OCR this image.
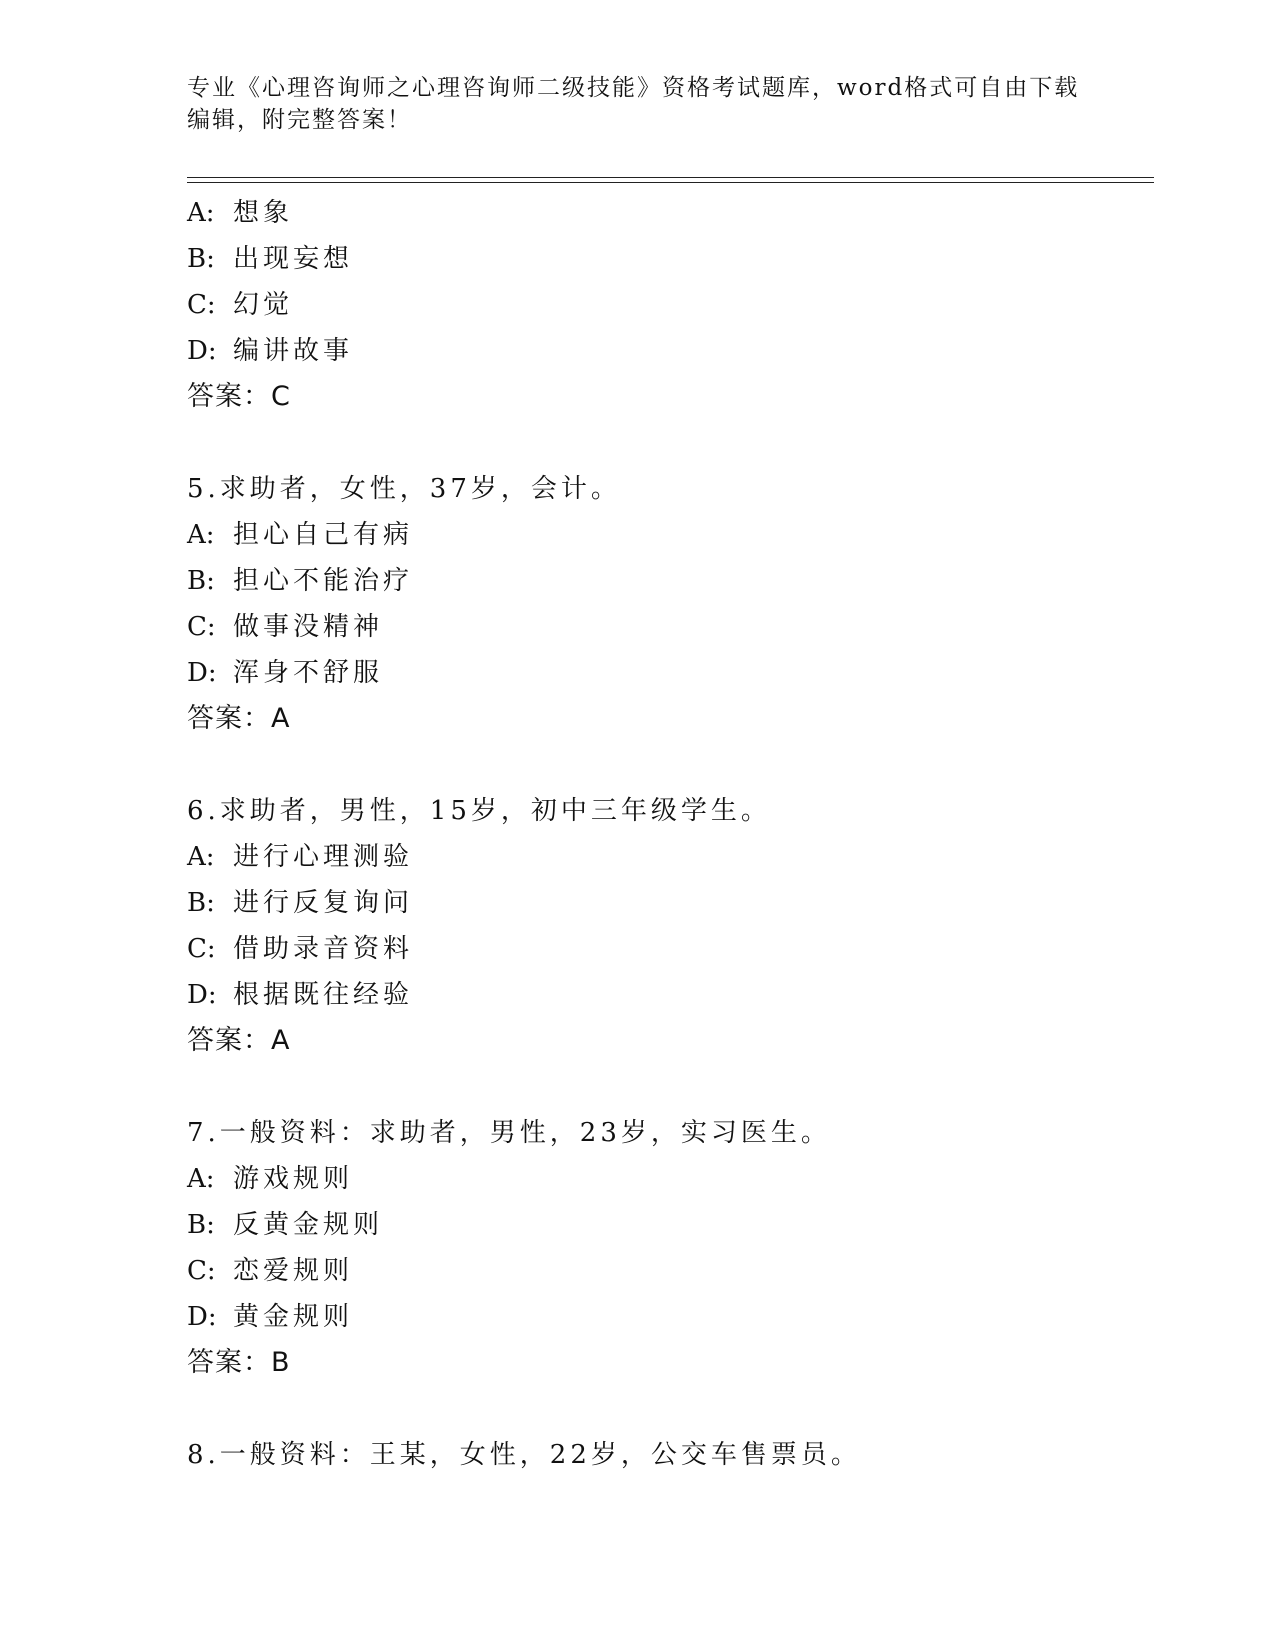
专业《心理咨询师之心理咨询师二级技能》资格考试题库，word格式可自由下载
编辑，附完整答案！
A: 想象
B: 出现妄想
C: 幻觉
D: 编讲故事
答案：C
5.求助者，女性，37岁，会计。
A: 担心自己有病
B: 担心不能治疗
C: 做事没精神
D: 浑身不舒服
答案：A
6.求助者，男性，15岁，初中三年级学生。
A: 进行心理测验
B: 进行反复询问
C: 借助录音资料
D: 根据既往经验
答案：A
7.一般资料：求助者，男性，23岁，实习医生。
A: 游戏规则
B: 反黄金规则
C: 恋爱规则
D: 黄金规则
答案：B
8.一般资料：王某，女性，22岁，公交车售票员。
